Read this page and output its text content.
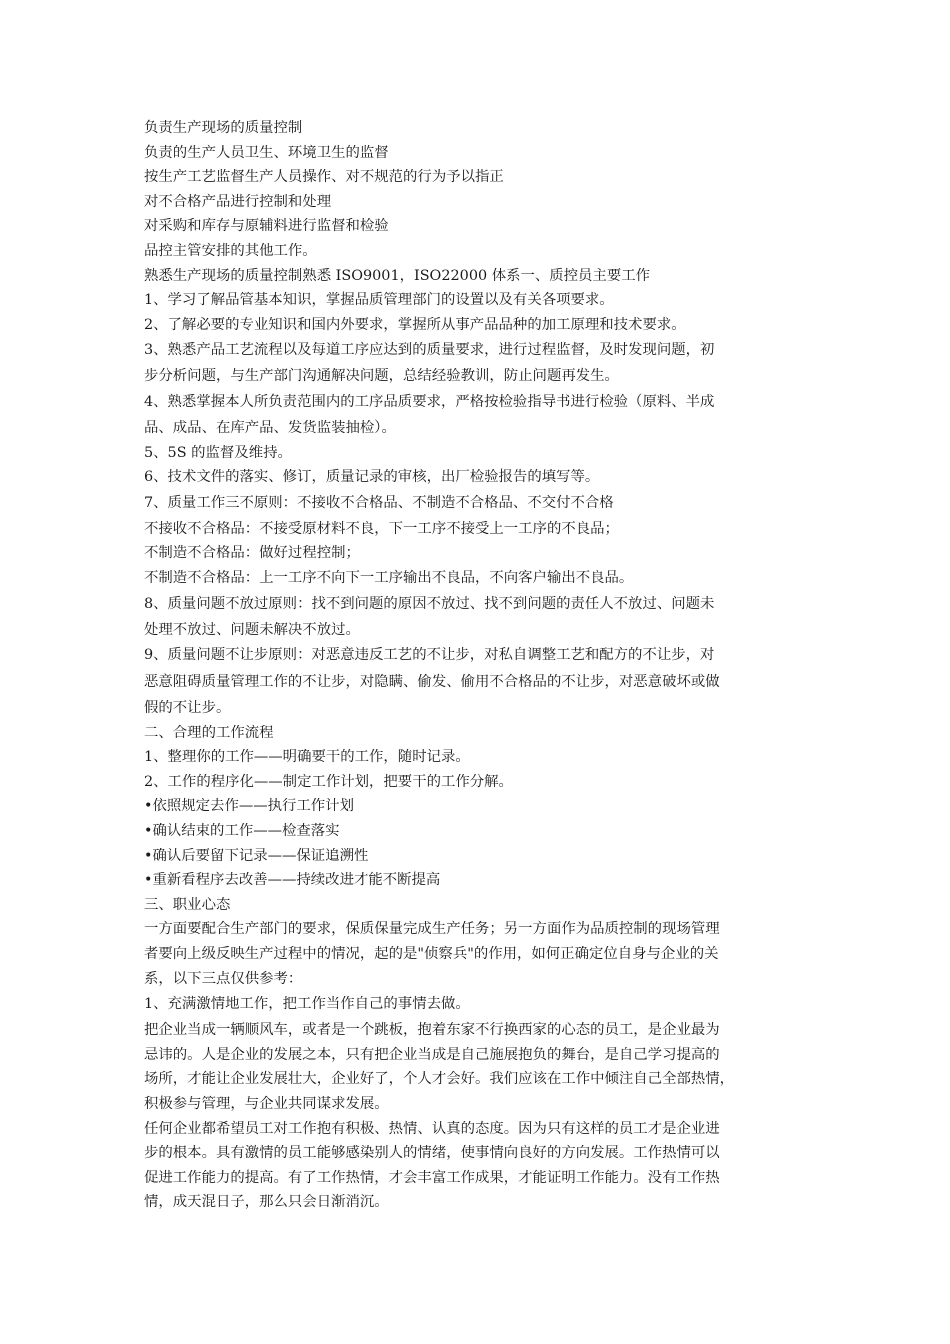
负责生产现场的质量控制
负责的生产人员卫生、环境卫生的监督
按生产工艺监督生产人员操作、对不规范的行为予以指正
对不合格产品进行控制和处理
对采购和库存与原辅料进行监督和检验
品控主管安排的其他工作。
熟悉生产现场的质量控制熟悉 ISO9001，ISO22000 体系一、质控员主要工作
1、学习了解品管基本知识，掌握品质管理部门的设置以及有关各项要求。
2、了解必要的专业知识和国内外要求，掌握所从事产品品种的加工原理和技术要求。
3、熟悉产品工艺流程以及每道工序应达到的质量要求，进行过程监督，及时发现问题，初
步分析问题，与生产部门沟通解决问题，总结经验教训，防止问题再发生。
4、熟悉掌握本人所负责范围内的工序品质要求，严格按检验指导书进行检验（原料、半成
品、成品、在库产品、发货监装抽检）。
5、5S 的监督及维持。
6、技术文件的落实、修订，质量记录的审核，出厂检验报告的填写等。
7、质量工作三不原则：不接收不合格品、不制造不合格品、不交付不合格
不接收不合格品：不接受原材料不良，下一工序不接受上一工序的不良品；
不制造不合格品：做好过程控制；
不制造不合格品：上一工序不向下一工序输出不良品，不向客户输出不良品。
8、质量问题不放过原则：找不到问题的原因不放过、找不到问题的责任人不放过、问题未
处理不放过、问题未解决不放过。
9、质量问题不让步原则：对恶意违反工艺的不让步，对私自调整工艺和配方的不让步，对
恶意阻碍质量管理工作的不让步，对隐瞒、偷发、偷用不合格品的不让步，对恶意破坏或做
假的不让步。
二、合理的工作流程
1、整理你的工作——明确要干的工作，随时记录。
2、工作的程序化——制定工作计划，把要干的工作分解。
•依照规定去作——执行工作计划
•确认结束的工作——检查落实
•确认后要留下记录——保证追溯性
•重新看程序去改善——持续改进才能不断提高
三、职业心态
一方面要配合生产部门的要求，保质保量完成生产任务；另一方面作为品质控制的现场管理
者要向上级反映生产过程中的情况，起的是"侦察兵"的作用，如何正确定位自身与企业的关
系，以下三点仅供参考：
1、充满激情地工作，把工作当作自己的事情去做。
把企业当成一辆顺风车，或者是一个跳板，抱着东家不行换西家的心态的员工，是企业最为
忌讳的。人是企业的发展之本，只有把企业当成是自己施展抱负的舞台，是自己学习提高的
场所，才能让企业发展壮大，企业好了，个人才会好。我们应该在工作中倾注自己全部热情，
积极参与管理，与企业共同谋求发展。
任何企业都希望员工对工作抱有积极、热情、认真的态度。因为只有这样的员工才是企业进
步的根本。具有激情的员工能够感染别人的情绪，使事情向良好的方向发展。工作热情可以
促进工作能力的提高。有了工作热情，才会丰富工作成果，才能证明工作能力。没有工作热
情，成天混日子，那么只会日渐消沉。
